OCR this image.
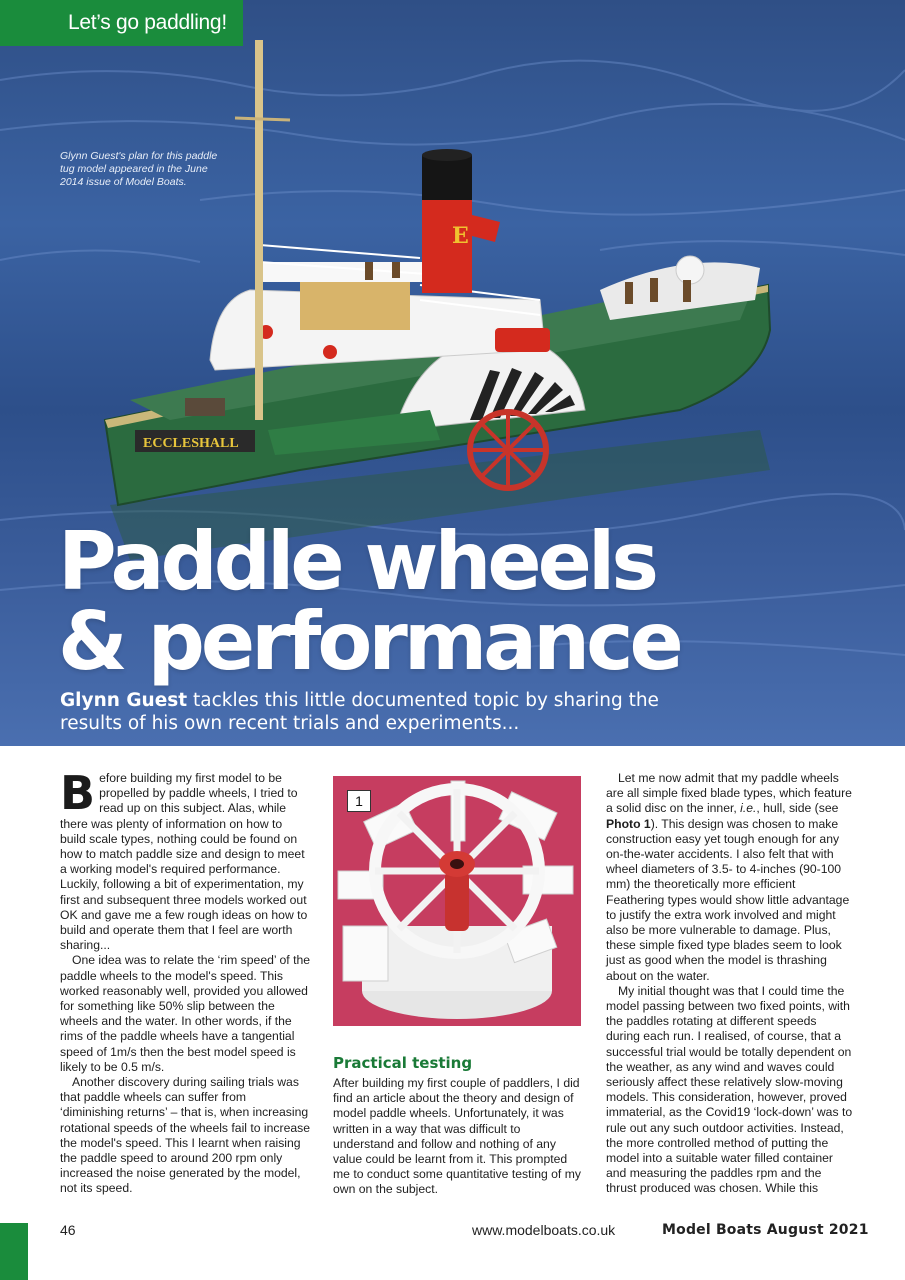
ECCLESHALL
E
Let’s go paddling!
Glynn Guest's plan for this paddle tug model appeared in the June 2014 issue of Model Boats.
Paddle wheels
& performance
Glynn Guest tackles this little documented topic by sharing the results of his own recent trials and experiments...

Before building my first model to be propelled by paddle wheels, I tried to read up on this subject. Alas, while there was plenty of information on how to build scale types, nothing could be found on how to match paddle size and design to meet a working model's required performance. Luckily, following a bit of experimentation, my first and subsequent three models worked out OK and gave me a few rough ideas on how to build and operate them that I feel are worth sharing...

One idea was to relate the ‘rim speed’ of the paddle wheels to the model's speed. This worked reasonably well, provided you allowed for something like 50% slip between the wheels and the water. In other words, if the rims of the paddle wheels have a tangential speed of 1m/s then the best model speed is likely to be 0.5 m/s.

Another discovery during sailing trials was that paddle wheels can suffer from ‘diminishing returns’ – that is, when increasing rotational speeds of the wheels fail to increase the model's speed. This I learnt when raising the paddle speed to around 200 rpm only increased the noise generated by the model, not its speed.

1
Practical testing

After building my first couple of paddlers, I did find an article about the theory and design of model paddle wheels. Unfortunately, it was written in a way that was difficult to understand and follow and nothing of any value could be learnt from it. This prompted me to conduct some quantitative testing of my own on the subject.

Let me now admit that my paddle wheels are all simple fixed blade types, which feature a solid disc on the inner, i.e., hull, side (see Photo 1). This design was chosen to make construction easy yet tough enough for any on-the-water accidents. I also felt that with wheel diameters of 3.5- to 4-inches (90-100 mm) the theoretically more efficient Feathering types would show little advantage to justify the extra work involved and might also be more vulnerable to damage. Plus, these simple fixed type blades seem to look just as good when the model is thrashing about on the water.

My initial thought was that I could time the model passing between two fixed points, with the paddles rotating at different speeds during each run. I realised, of course, that a successful trial would be totally dependent on the weather, as any wind and waves could seriously affect these relatively slow-moving models. This consideration, however, proved immaterial, as the Covid19 ‘lock-down’ was to rule out any such outdoor activities. Instead, the more controlled method of putting the model into a suitable water filled container and measuring the paddles rpm and the thrust produced was chosen. While this

46	www.modelboats.co.uk	Model Boats August 2021
